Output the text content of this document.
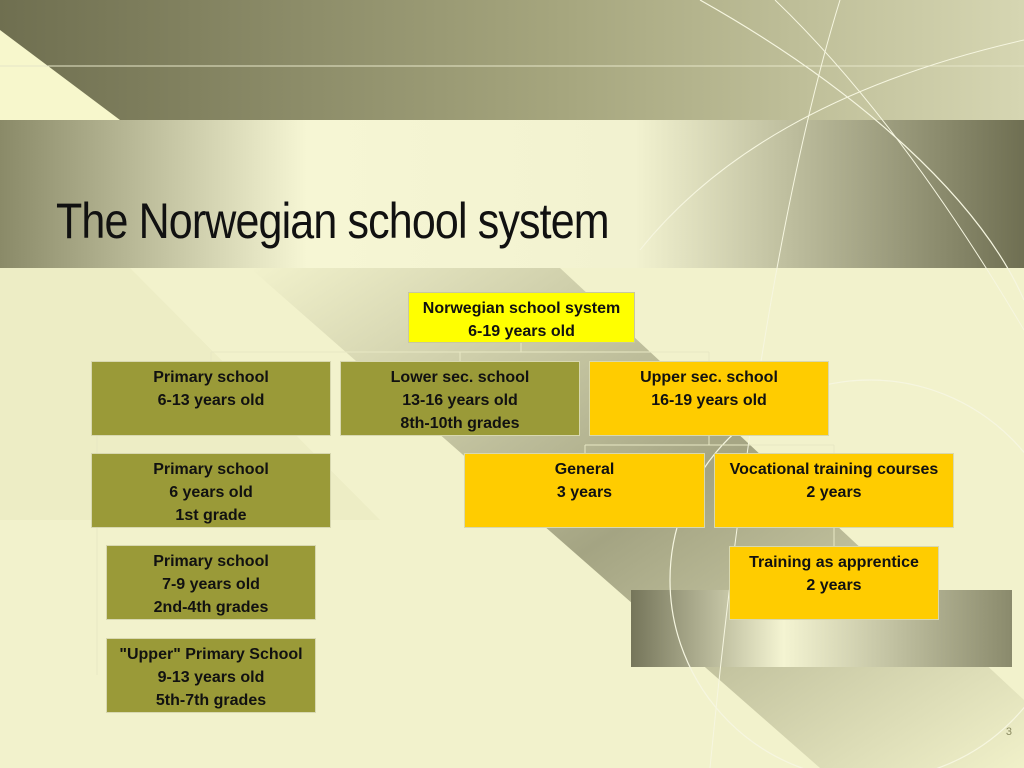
The Norwegian school system
Norwegian school system
6-19 years old
Primary school
6-13 years old
Lower sec. school
13-16 years old
8th-10th grades
Upper sec. school
16-19 years old
Primary school
6 years old
1st grade
General
3 years
Vocational training courses
2 years
Primary school
7-9 years old
2nd-4th grades
Training as apprentice
2 years
"Upper" Primary School
9-13 years old
5th-7th grades
3
